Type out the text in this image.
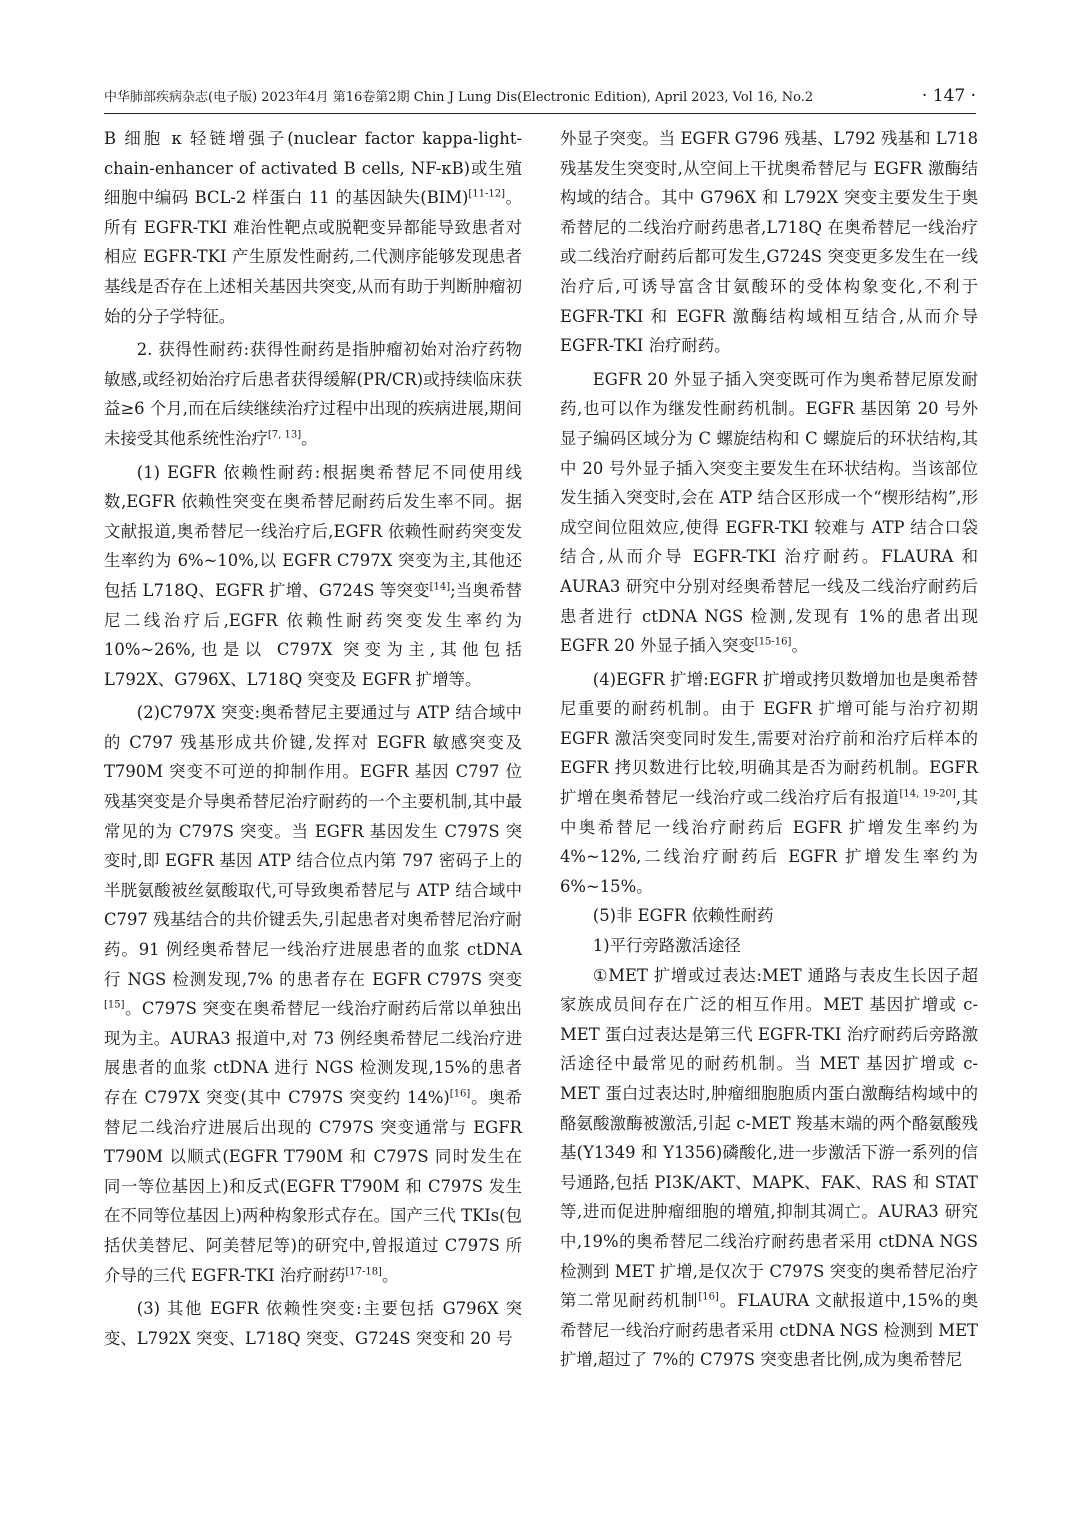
中华肺部疾病杂志(电子版) 2023年4月 第16卷第2期 Chin J Lung Dis(Electronic Edition), April 2023, Vol 16, No.2	· 147 ·

B 细胞 κ 轻链增强子(nuclear factor kappa-light-chain-enhancer of activated B cells, NF-κB)或生殖细胞中编码 BCL-2 样蛋白 11 的基因缺失(BIM)[11-12]。所有 EGFR-TKI 难治性靶点或脱靶变异都能导致患者对相应 EGFR-TKI 产生原发性耐药,二代测序能够发现患者基线是否存在上述相关基因共突变,从而有助于判断肿瘤初始的分子学特征。

2. 获得性耐药:获得性耐药是指肿瘤初始对治疗药物敏感,或经初始治疗后患者获得缓解(PR/CR)或持续临床获益≥6 个月,而在后续继续治疗过程中出现的疾病进展,期间未接受其他系统性治疗[7, 13]。

(1) EGFR 依赖性耐药:根据奥希替尼不同使用线数,EGFR 依赖性突变在奥希替尼耐药后发生率不同。据文献报道,奥希替尼一线治疗后,EGFR 依赖性耐药突变发生率约为 6%~10%,以 EGFR C797X 突变为主,其他还包括 L718Q、EGFR 扩增、G724S 等突变[14];当奥希替尼二线治疗后,EGFR 依赖性耐药突变发生率约为 10%~26%,也是以 C797X 突变为主,其他包括 L792X、G796X、L718Q 突变及 EGFR 扩增等。

(2)C797X 突变:奥希替尼主要通过与 ATP 结合域中的 C797 残基形成共价键,发挥对 EGFR 敏感突变及 T790M 突变不可逆的抑制作用。EGFR 基因 C797 位残基突变是介导奥希替尼治疗耐药的一个主要机制,其中最常见的为 C797S 突变。当 EGFR 基因发生 C797S 突变时,即 EGFR 基因 ATP 结合位点内第 797 密码子上的半胱氨酸被丝氨酸取代,可导致奥希替尼与 ATP 结合域中 C797 残基结合的共价键丢失,引起患者对奥希替尼治疗耐药。91 例经奥希替尼一线治疗进展患者的血浆 ctDNA 行 NGS 检测发现,7% 的患者存在 EGFR C797S 突变[15]。C797S 突变在奥希替尼一线治疗耐药后常以单独出现为主。AURA3 报道中,对 73 例经奥希替尼二线治疗进展患者的血浆 ctDNA 进行 NGS 检测发现,15%的患者存在 C797X 突变(其中 C797S 突变约 14%)[16]。奥希替尼二线治疗进展后出现的 C797S 突变通常与 EGFR T790M 以顺式(EGFR T790M 和 C797S 同时发生在同一等位基因上)和反式(EGFR T790M 和 C797S 发生在不同等位基因上)两种构象形式存在。国产三代 TKIs(包括伏美替尼、阿美替尼等)的研究中,曾报道过 C797S 所介导的三代 EGFR-TKI 治疗耐药[17-18]。

(3) 其他 EGFR 依赖性突变:主要包括 G796X 突变、L792X 突变、L718Q 突变、G724S 突变和 20 号

外显子突变。当 EGFR G796 残基、L792 残基和 L718 残基发生突变时,从空间上干扰奥希替尼与 EGFR 激酶结构域的结合。其中 G796X 和 L792X 突变主要发生于奥希替尼的二线治疗耐药患者,L718Q 在奥希替尼一线治疗或二线治疗耐药后都可发生,G724S 突变更多发生在一线治疗后,可诱导富含甘氨酸环的受体构象变化,不利于 EGFR-TKI 和 EGFR 激酶结构域相互结合,从而介导 EGFR-TKI 治疗耐药。

EGFR 20 外显子插入突变既可作为奥希替尼原发耐药,也可以作为继发性耐药机制。EGFR 基因第 20 号外显子编码区域分为 C 螺旋结构和 C 螺旋后的环状结构,其中 20 号外显子插入突变主要发生在环状结构。当该部位发生插入突变时,会在 ATP 结合区形成一个“楔形结构”,形成空间位阻效应,使得 EGFR-TKI 较难与 ATP 结合口袋结合,从而介导 EGFR-TKI 治疗耐药。FLAURA 和 AURA3 研究中分别对经奥希替尼一线及二线治疗耐药后患者进行 ctDNA NGS 检测,发现有 1%的患者出现 EGFR 20 外显子插入突变[15-16]。

(4)EGFR 扩增:EGFR 扩增或拷贝数增加也是奥希替尼重要的耐药机制。由于 EGFR 扩增可能与治疗初期 EGFR 激活突变同时发生,需要对治疗前和治疗后样本的 EGFR 拷贝数进行比较,明确其是否为耐药机制。EGFR 扩增在奥希替尼一线治疗或二线治疗后有报道[14, 19-20],其中奥希替尼一线治疗耐药后 EGFR 扩增发生率约为 4%~12%,二线治疗耐药后 EGFR 扩增发生率约为 6%~15%。

(5)非 EGFR 依赖性耐药

1)平行旁路激活途径

①MET 扩增或过表达:MET 通路与表皮生长因子超家族成员间存在广泛的相互作用。MET 基因扩增或 c-MET 蛋白过表达是第三代 EGFR-TKI 治疗耐药后旁路激活途径中最常见的耐药机制。当 MET 基因扩增或 c-MET 蛋白过表达时,肿瘤细胞胞质内蛋白激酶结构域中的酪氨酸激酶被激活,引起 c-MET 羧基末端的两个酪氨酸残基(Y1349 和 Y1356)磷酸化,进一步激活下游一系列的信号通路,包括 PI3K/AKT、MAPK、FAK、RAS 和 STAT 等,进而促进肿瘤细胞的增殖,抑制其凋亡。AURA3 研究中,19%的奥希替尼二线治疗耐药患者采用 ctDNA NGS 检测到 MET 扩增,是仅次于 C797S 突变的奥希替尼治疗第二常见耐药机制[16]。FLAURA 文献报道中,15%的奥希替尼一线治疗耐药患者采用 ctDNA NGS 检测到 MET 扩增,超过了 7%的 C797S 突变患者比例,成为奥希替尼
